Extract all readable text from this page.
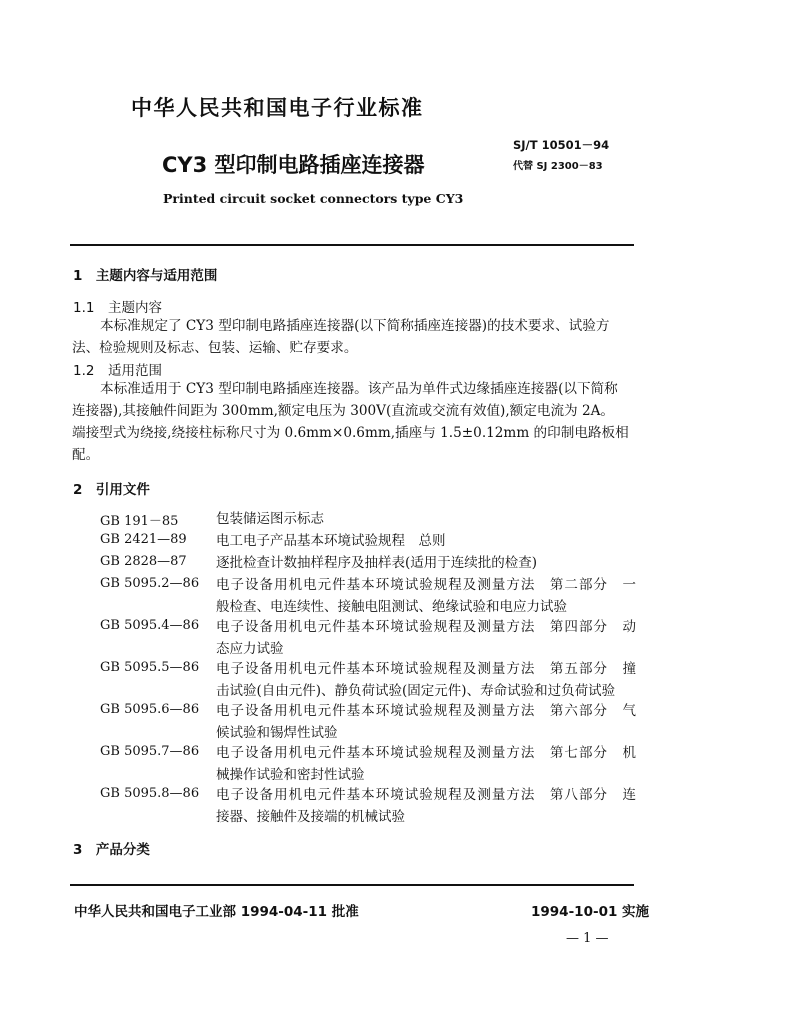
中华人民共和国电子行业标准
SJ/T 10501－94
代替 SJ 2300－83
CY3 型印制电路插座连接器
Printed circuit socket connectors type CY3
1　主题内容与适用范围
1.1　主题内容
本标准规定了 CY3 型印制电路插座连接器(以下简称插座连接器)的技术要求、试验方
法、检验规则及标志、包装、运输、贮存要求。
1.2　适用范围
本标准适用于 CY3 型印制电路插座连接器。该产品为单件式边缘插座连接器(以下简称
连接器),其接触件间距为 300mm,额定电压为 300V(直流或交流有效值),额定电流为 2A。
端接型式为绕接,绕接柱标称尺寸为 0.6mm×0.6mm,插座与 1.5±0.12mm 的印制电路板相
配。
2　引用文件
GB 191－85	包装储运图示标志
GB 2421—89 电工电子产品基本环境试验规程　总则
GB 2828—87 逐批检查计数抽样程序及抽样表(适用于连续批的检查)
GB 5095.2—86 电子设备用机电元件基本环境试验规程及测量方法　第二部分　一
般检查、电连续性、接触电阻测试、绝缘试验和电应力试验
GB 5095.4—86 电子设备用机电元件基本环境试验规程及测量方法　第四部分　动
态应力试验
GB 5095.5—86 电子设备用机电元件基本环境试验规程及测量方法　第五部分　撞
击试验(自由元件)、静负荷试验(固定元件)、寿命试验和过负荷试验
GB 5095.6—86 电子设备用机电元件基本环境试验规程及测量方法　第六部分　气
候试验和锡焊性试验
GB 5095.7—86 电子设备用机电元件基本环境试验规程及测量方法　第七部分　机
械操作试验和密封性试验
GB 5095.8—86 电子设备用机电元件基本环境试验规程及测量方法　第八部分　连
接器、接触件及接端的机械试验
3　产品分类
中华人民共和国电子工业部 1994-04-11 批准	1994-10-01 实施
— 1 —
